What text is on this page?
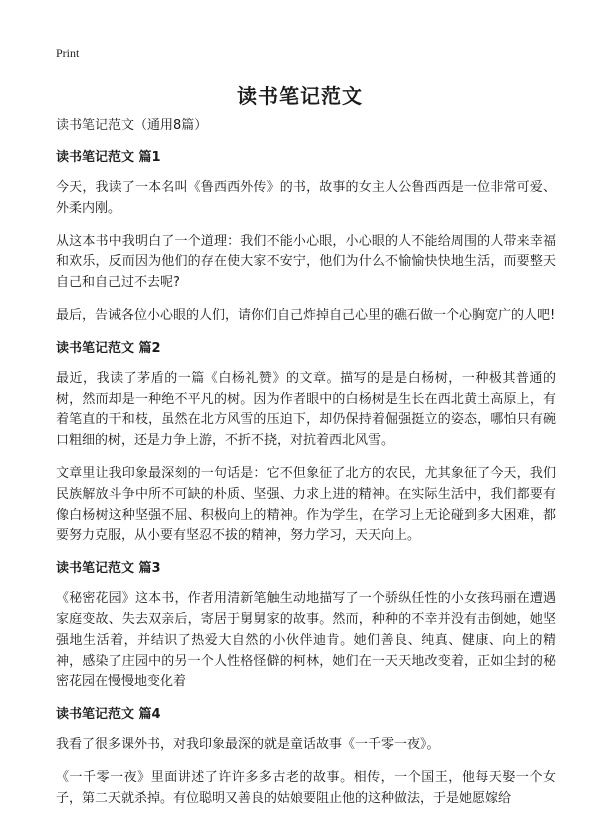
Print
读书笔记范文

读书笔记范文（通用8篇）

读书笔记范文 篇1

今天，我读了一本名叫《鲁西西外传》的书，故事的女主人公鲁西西是一位非常可爱、外柔内刚。

从这本书中我明白了一个道理：我们不能小心眼，小心眼的人不能给周围的人带来幸福和欢乐，反而因为他们的存在使大家不安宁，他们为什么不愉愉快快地生活，而要整天自己和自己过不去呢?

最后，告诫各位小心眼的人们，请你们自己炸掉自己心里的礁石做一个心胸宽广的人吧!

读书笔记范文 篇2

最近，我读了茅盾的一篇《白杨礼赞》的文章。描写的是是白杨树，一种极其普通的树，然而却是一种绝不平凡的树。因为作者眼中的白杨树是生长在西北黄土高原上，有着笔直的干和枝，虽然在北方风雪的压迫下，却仍保持着倔强挺立的姿态，哪怕只有碗口粗细的树，还是力争上游，不折不挠，对抗着西北风雪。

文章里让我印象最深刻的一句话是：它不但象征了北方的农民，尤其象征了今天，我们民族解放斗争中所不可缺的朴质、坚强、力求上进的精神。在实际生活中，我们都要有像白杨树这种坚强不屈、积极向上的精神。作为学生，在学习上无论碰到多大困难，都要努力克服，从小要有坚忍不拔的精神，努力学习，天天向上。

读书笔记范文 篇3

《秘密花园》这本书，作者用清新笔触生动地描写了一个骄纵任性的小女孩玛丽在遭遇家庭变故、失去双亲后，寄居于舅舅家的故事。然而，种种的不幸并没有击倒她，她坚强地生活着，并结识了热爱大自然的小伙伴迪肯。她们善良、纯真、健康、向上的精神，感染了庄园中的另一个人性格怪僻的柯林，她们在一天天地改变着，正如尘封的秘密花园在慢慢地变化着

读书笔记范文 篇4

我看了很多课外书，对我印象最深的就是童话故事《一千零一夜》。

《一千零一夜》里面讲述了许许多多古老的故事。相传，一个国王，他每天娶一个女子，第二天就杀掉。有位聪明又善良的姑娘要阻止他的这种做法，于是她愿嫁给
